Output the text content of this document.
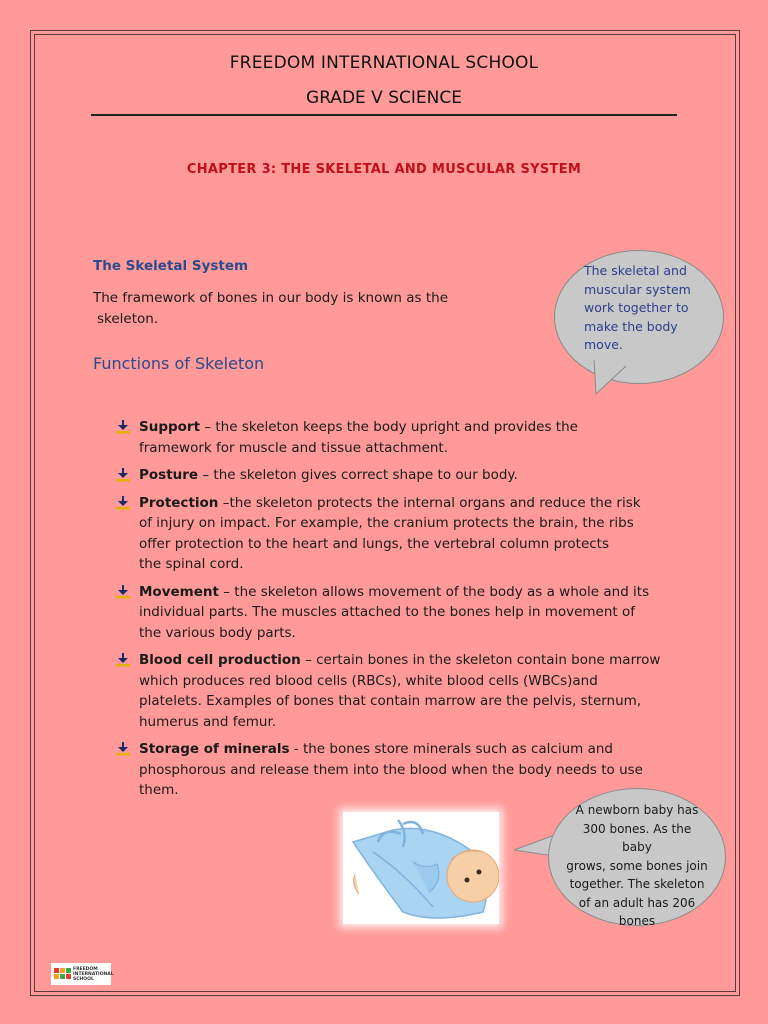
FREEDOM INTERNATIONAL SCHOOL
GRADE V SCIENCE
CHAPTER 3: THE SKELETAL AND MUSCULAR SYSTEM
The Skeletal System
The framework of bones in our body is known as the
skeleton.
Functions of Skeleton
The skeletal and
muscular system
work together to
make the body
move.
Support – the skeleton keeps the body upright and provides the
framework for muscle and tissue attachment.
Posture – the skeleton gives correct shape to our body.
Protection –the skeleton protects the internal organs and reduce the risk
of injury on impact. For example, the cranium protects the brain, the ribs
offer protection to the heart and lungs, the vertebral column protects
the spinal cord.
Movement – the skeleton allows movement of the body as a whole and its
individual parts. The muscles attached to the bones help in movement of
the various body parts.
Blood cell production – certain bones in the skeleton contain bone marrow
which produces red blood cells (RBCs), white blood cells (WBCs)and
platelets. Examples of bones that contain marrow are the pelvis, sternum,
humerus and femur.
Storage of minerals - the bones store minerals such as calcium and
phosphorous and release them into the blood when the body needs to use
them.
A newborn baby has
300 bones. As the baby
grows, some bones join
together. The skeleton
of an adult has 206
bones
FREEDOM
INTERNATIONAL
SCHOOL
